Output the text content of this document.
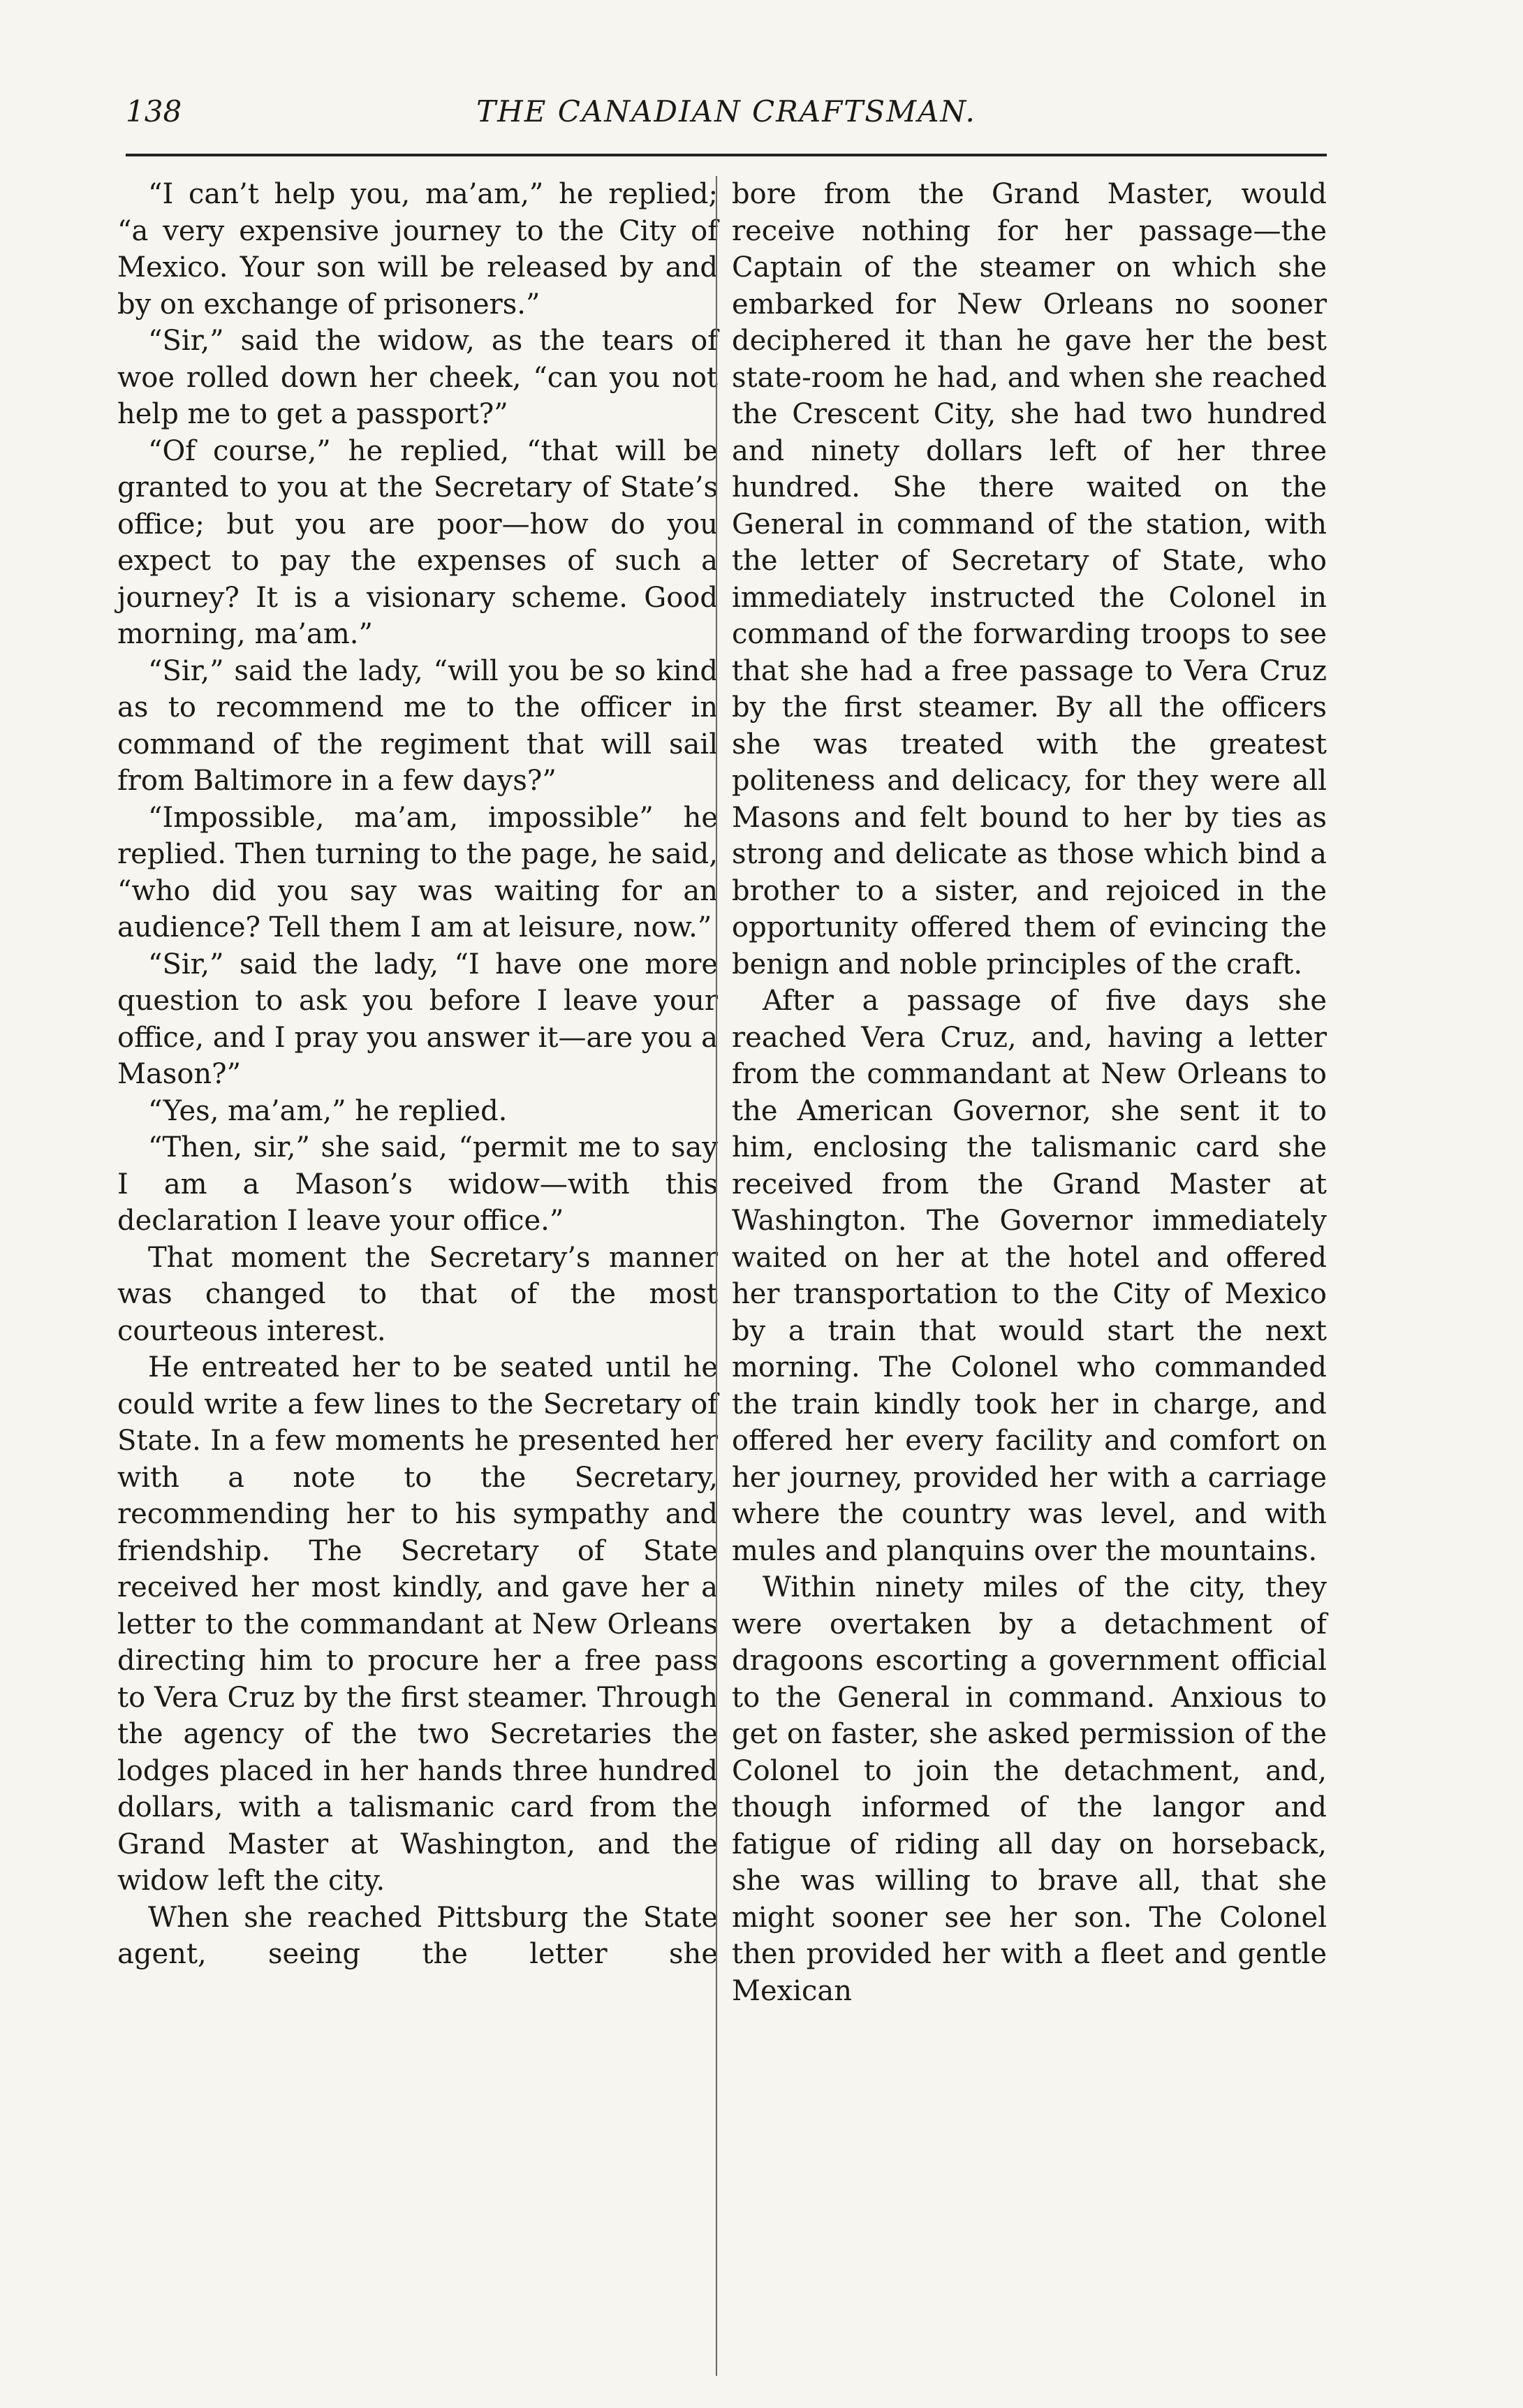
138	THE CANADIAN CRAFTSMAN.

“I can’t help you, ma’am,” he replied; “a very expensive journey to the City of Mexico. Your son will be released by and by on exchange of prisoners.”

“Sir,” said the widow, as the tears of woe rolled down her cheek, “can you not help me to get a passport?”

“Of course,” he replied, “that will be granted to you at the Secretary of State’s office; but you are poor—how do you expect to pay the expenses of such a journey? It is a visionary scheme. Good morning, ma’am.”

“Sir,” said the lady, “will you be so kind as to recommend me to the officer in command of the regiment that will sail from Baltimore in a few days?”

“Impossible, ma’am, impossible” he replied. Then turning to the page, he said, “who did you say was waiting for an audience? Tell them I am at leisure, now.”

“Sir,” said the lady, “I have one more question to ask you before I leave your office, and I pray you answer it—are you a Mason?”

“Yes, ma’am,” he replied.

“Then, sir,” she said, “permit me to say I am a Mason’s widow—with this declaration I leave your office.”

That moment the Secretary’s manner was changed to that of the most courteous interest.

He entreated her to be seated until he could write a few lines to the Secretary of State. In a few moments he presented her with a note to the Secretary, recommending her to his sympathy and friendship. The Secretary of State received her most kindly, and gave her a letter to the commandant at New Orleans directing him to procure her a free pass to Vera Cruz by the first steamer. Through the agency of the two Secretaries the lodges placed in her hands three hundred dollars, with a talismanic card from the Grand Master at Washington, and the widow left the city.

When she reached Pittsburg the State agent, seeing the letter she

bore from the Grand Master, would receive nothing for her passage—the Captain of the steamer on which she embarked for New Orleans no sooner deciphered it than he gave her the best state-room he had, and when she reached the Crescent City, she had two hundred and ninety dollars left of her three hundred. She there waited on the General in command of the station, with the letter of Secretary of State, who immediately instructed the Colonel in command of the forwarding troops to see that she had a free passage to Vera Cruz by the first steamer. By all the officers she was treated with the greatest politeness and delicacy, for they were all Masons and felt bound to her by ties as strong and delicate as those which bind a brother to a sister, and rejoiced in the opportunity offered them of evincing the benign and noble principles of the craft.

After a passage of five days she reached Vera Cruz, and, having a letter from the commandant at New Orleans to the American Governor, she sent it to him, enclosing the talismanic card she received from the Grand Master at Washington. The Governor immediately waited on her at the hotel and offered her transportation to the City of Mexico by a train that would start the next morning. The Colonel who commanded the train kindly took her in charge, and offered her every facility and comfort on her journey, provided her with a carriage where the country was level, and with mules and planquins over the mountains.

Within ninety miles of the city, they were overtaken by a detachment of dragoons escorting a government official to the General in command. Anxious to get on faster, she asked permission of the Colonel to join the detachment, and, though informed of the langor and fatigue of riding all day on horseback, she was willing to brave all, that she might sooner see her son. The Colonel then provided her with a fleet and gentle Mexican
